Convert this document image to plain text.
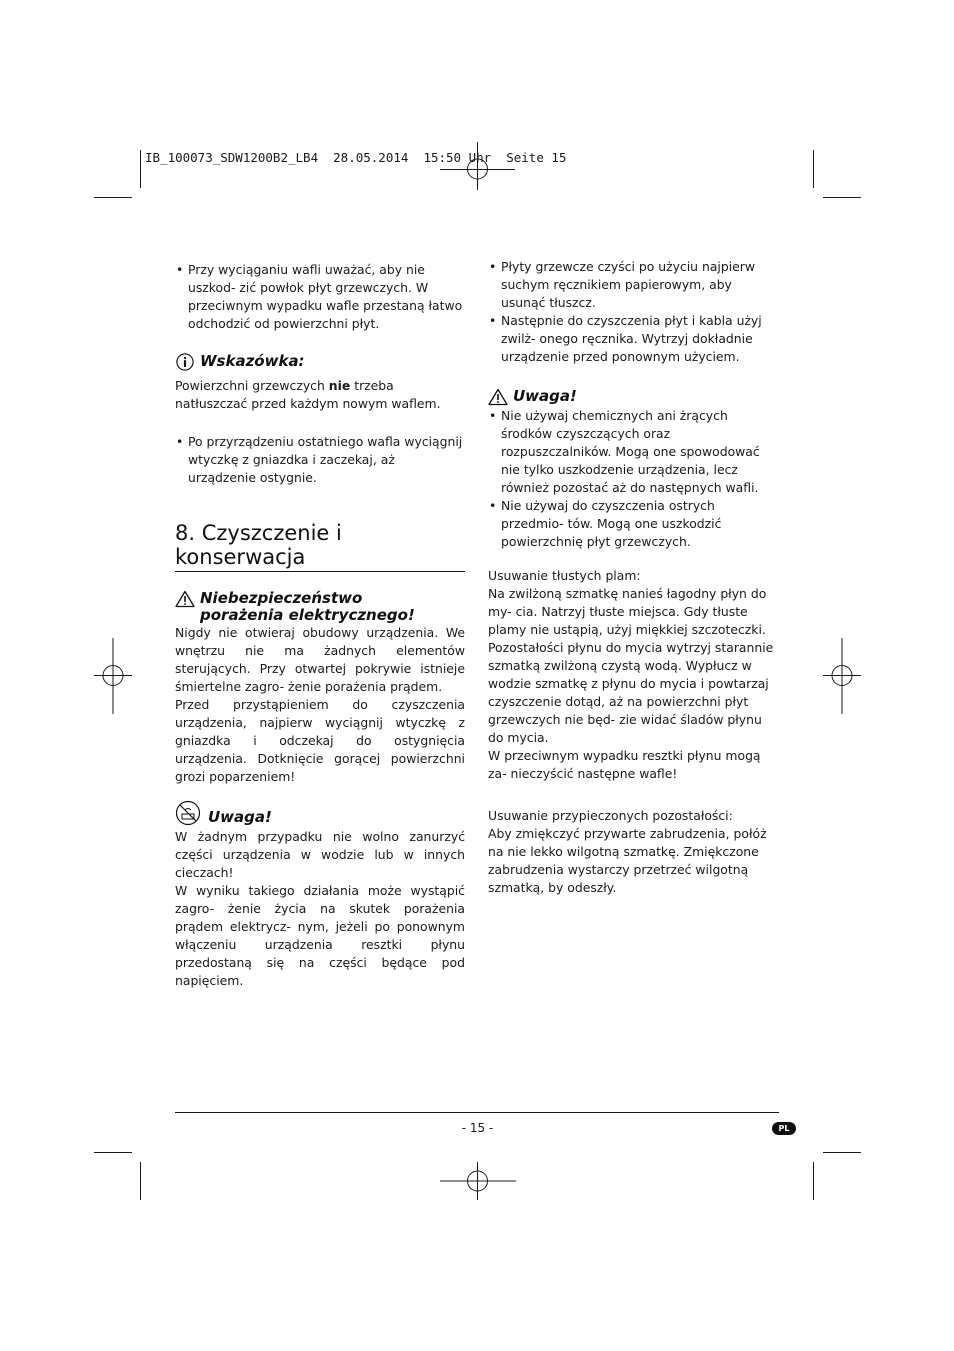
IB_100073_SDW1200B2_LB4  28.05.2014  15:50 Uhr  Seite 15
• Przy wyciąganiu wafli uważać, aby nie uszkod- zić powłok płyt grzewczych. W przeciwnym wypadku wafle przestaną łatwo odchodzić od powierzchni płyt.
Wskazówka:
Powierzchni grzewczych nie trzeba natłuszczać przed każdym nowym waflem.
• Po przyrządzeniu ostatniego wafla wyciągnij wtyczkę z gniazdka i zaczekaj, aż urządzenie ostygnie.
8. Czyszczenie i konserwacja
Niebezpieczeństwo
porażenia elektrycznego!
Nigdy nie otwieraj obudowy urządzenia. We wnętrzu nie ma żadnych elementów sterujących. Przy otwartej pokrywie istnieje śmiertelne zagro- żenie porażenia prądem.
Przed przystąpieniem do czyszczenia urządzenia, najpierw wyciągnij wtyczkę z gniazdka i odczekaj do ostygnięcia urządzenia. Dotknięcie gorącej powierzchni grozi poparzeniem!
Uwaga!
W żadnym przypadku nie wolno zanurzyć części urządzenia w wodzie lub w innych cieczach!
W wyniku takiego działania może wystąpić zagro- żenie życia na skutek porażenia prądem elektrycz- nym, jeżeli po ponownym włączeniu urządzenia resztki płynu przedostaną się na części będące pod napięciem.
• Płyty grzewcze czyści po użyciu najpierw suchym ręcznikiem papierowym, aby usunąć tłuszcz.
• Następnie do czyszczenia płyt i kabla użyj zwilż- onego ręcznika. Wytrzyj dokładnie urządzenie przed ponownym użyciem.
Uwaga!
• Nie używaj chemicznych ani żrących środków czyszczących oraz rozpuszczalników. Mogą one spowodować nie tylko uszkodzenie urządzenia, lecz również pozostać aż do następnych wafli.
• Nie używaj do czyszczenia ostrych przedmio- tów. Mogą one uszkodzić powierzchnię płyt grzewczych.
Usuwanie tłustych plam:
Na zwilżoną szmatkę nanieś łagodny płyn do my- cia. Natrzyj tłuste miejsca. Gdy tłuste plamy nie ustąpią, użyj miękkiej szczoteczki.
Pozostałości płynu do mycia wytrzyj starannie szmatką zwilżoną czystą wodą. Wypłucz w wodzie szmatkę z płynu do mycia i powtarzaj czyszczenie dotąd, aż na powierzchni płyt grzewczych nie będ- zie widać śladów płynu do mycia.
W przeciwnym wypadku resztki płynu mogą za- nieczyścić następne wafle!
Usuwanie przypieczonych pozostałości:
Aby zmiękczyć przywarte zabrudzenia, połóż na nie lekko wilgotną szmatkę. Zmiękczone zabrudzenia wystarczy przetrzeć wilgotną szmatką, by odeszły.
- 15 -	PL
